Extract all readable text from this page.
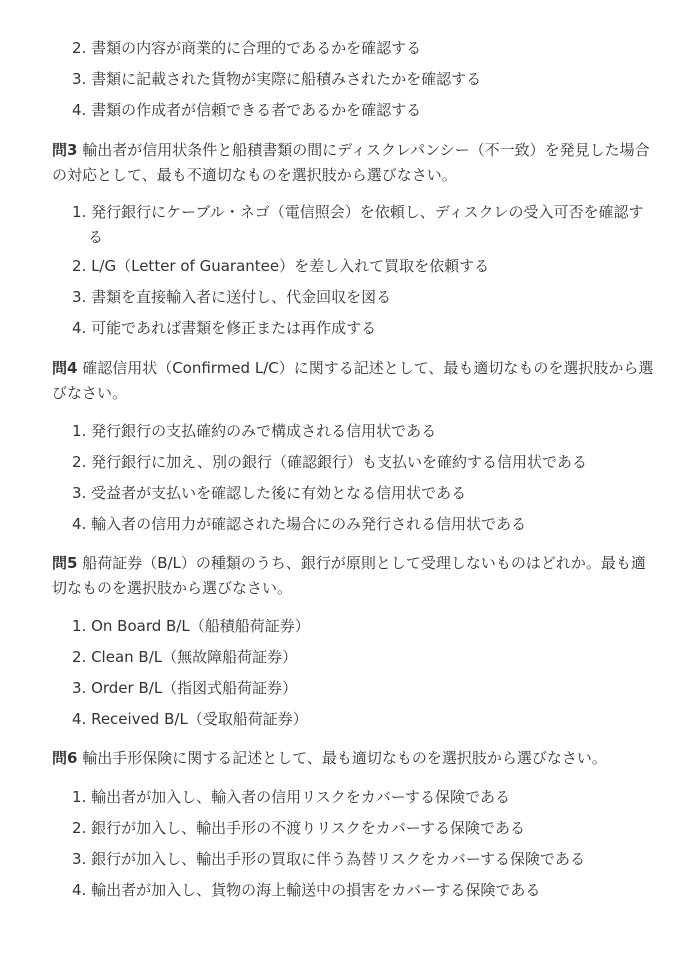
2. 書類の内容が商業的に合理的であるかを確認する
3. 書類に記載された貨物が実際に船積みされたかを確認する
4. 書類の作成者が信頼できる者であるかを確認する
問3 輸出者が信用状条件と船積書類の間にディスクレパンシー（不一致）を発見した場合の対応として、最も不適切なものを選択肢から選びなさい。
1. 発行銀行にケーブル・ネゴ（電信照会）を依頼し、ディスクレの受入可否を確認する
2. L/G（Letter of Guarantee）を差し入れて買取を依頼する
3. 書類を直接輸入者に送付し、代金回収を図る
4. 可能であれば書類を修正または再作成する
問4 確認信用状（Confirmed L/C）に関する記述として、最も適切なものを選択肢から選びなさい。
1. 発行銀行の支払確約のみで構成される信用状である
2. 発行銀行に加え、別の銀行（確認銀行）も支払いを確約する信用状である
3. 受益者が支払いを確認した後に有効となる信用状である
4. 輸入者の信用力が確認された場合にのみ発行される信用状である
問5 船荷証券（B/L）の種類のうち、銀行が原則として受理しないものはどれか。最も適切なものを選択肢から選びなさい。
1. On Board B/L（船積船荷証券）
2. Clean B/L（無故障船荷証券）
3. Order B/L（指図式船荷証券）
4. Received B/L（受取船荷証券）
問6 輸出手形保険に関する記述として、最も適切なものを選択肢から選びなさい。
1. 輸出者が加入し、輸入者の信用リスクをカバーする保険である
2. 銀行が加入し、輸出手形の不渡りリスクをカバーする保険である
3. 銀行が加入し、輸出手形の買取に伴う為替リスクをカバーする保険である
4. 輸出者が加入し、貨物の海上輸送中の損害をカバーする保険である
